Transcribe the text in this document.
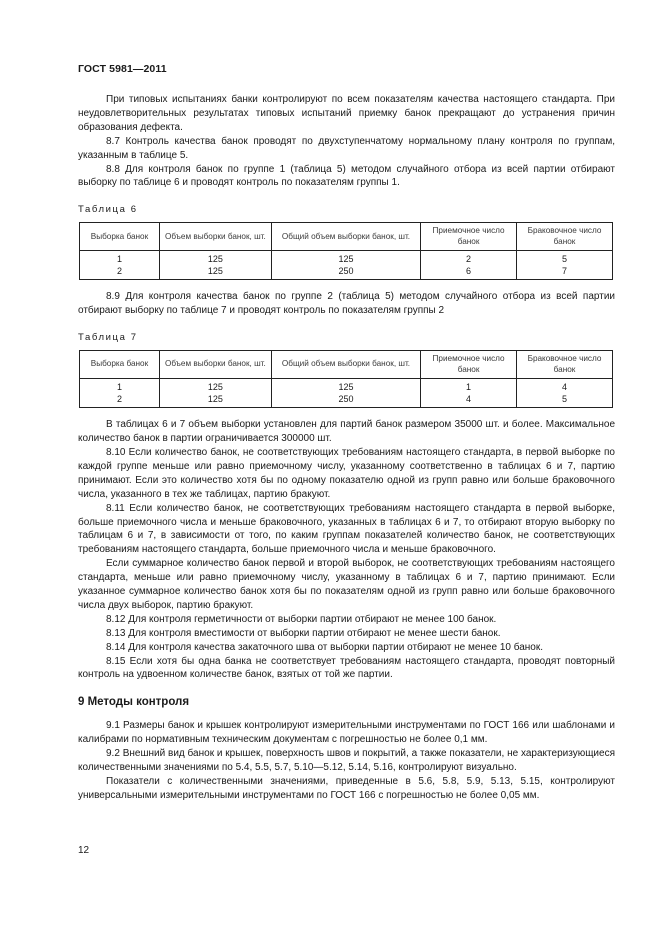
ГОСТ 5981—2011

При типовых испытаниях банки контролируют по всем показателям качества настоящего стандарта. При неудовлетворительных результатах типовых испытаний приемку банок прекращают до устранения причин образования дефекта.

8.7 Контроль качества банок проводят по двухступенчатому нормальному плану контроля по группам, указанным в таблице 5.

8.8 Для контроля банок по группе 1 (таблица 5) методом случайного отбора из всей партии отбирают выборку по таблице 6 и проводят контроль по показателям группы 1.

Таблица 6
Выборка банок	Объем выборки банок, шт.	Общий объем выборки банок, шт.	Приемочное число банок	Браковочное число банок
1	125	125	2	5
2	125	250	6	7

8.9 Для контроля качества банок по группе 2 (таблица 5) методом случайного отбора из всей партии отбирают выборку по таблице 7 и проводят контроль по показателям группы 2

Таблица 7
Выборка банок	Объем выборки банок, шт.	Общий объем выборки банок, шт.	Приемочное число банок	Браковочное число банок
1	125	125	1	4
2	125	250	4	5

В таблицах 6 и 7 объем выборки установлен для партий банок размером 35000 шт. и более. Максимальное количество банок в партии ограничивается 300000 шт.

8.10 Если количество банок, не соответствующих требованиям настоящего стандарта, в первой выборке по каждой группе меньше или равно приемочному числу, указанному соответственно в таблицах 6 и 7, партию принимают. Если это количество хотя бы по одному показателю одной из групп равно или больше браковочного числа, указанного в тех же таблицах, партию бракуют.

8.11 Если количество банок, не соответствующих требованиям настоящего стандарта в первой выборке, больше приемочного числа и меньше браковочного, указанных в таблицах 6 и 7, то отбирают вторую выборку по таблицам 6 и 7, в зависимости от того, по каким группам показателей количество банок, не соответствующих требованиям настоящего стандарта, больше приемочного числа и меньше браковочного.

Если суммарное количество банок первой и второй выборок, не соответствующих требованиям настоящего стандарта, меньше или равно приемочному числу, указанному в таблицах 6 и 7, партию принимают. Если указанное суммарное количество банок хотя бы по показателям одной из групп равно или больше браковочного числа двух выборок, партию бракуют.

8.12 Для контроля герметичности от выборки партии отбирают не менее 100 банок.

8.13 Для контроля вместимости от выборки партии отбирают не менее шести банок.

8.14 Для контроля качества закаточного шва от выборки партии отбирают не менее 10 банок.

8.15 Если хотя бы одна банка не соответствует требованиям настоящего стандарта, проводят повторный контроль на удвоенном количестве банок, взятых от той же партии.

9 Методы контроля

9.1 Размеры банок и крышек контролируют измерительными инструментами по ГОСТ 166 или шаблонами и калибрами по нормативным техническим документам с погрешностью не более 0,1 мм.

9.2 Внешний вид банок и крышек, поверхность швов и покрытий, а также показатели, не характеризующиеся количественными значениями по 5.4, 5.5, 5.7, 5.10—5.12, 5.14, 5.16, контролируют визуально.

Показатели с количественными значениями, приведенные в 5.6, 5.8, 5.9, 5.13, 5.15, контролируют универсальными измерительными инструментами по ГОСТ 166 с погрешностью не более 0,05 мм.

12
